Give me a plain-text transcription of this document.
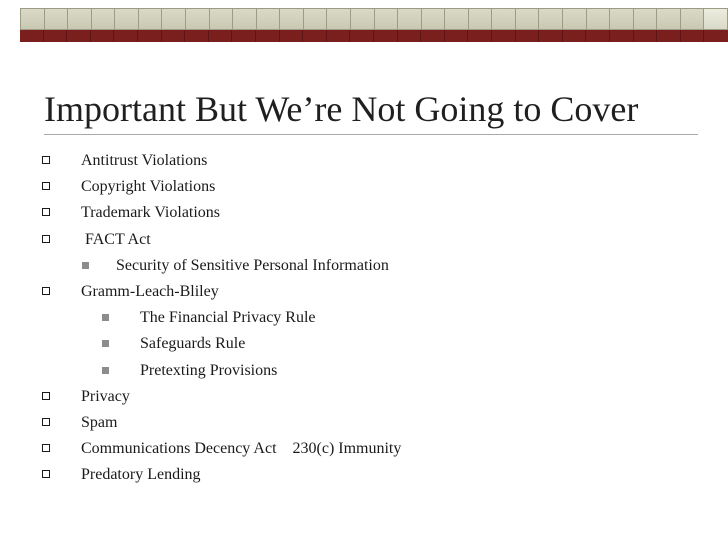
Important But We’re Not Going to Cover
Antitrust Violations
Copyright Violations
Trademark Violations
FACT Act
Security of Sensitive Personal Information
Gramm-Leach-Bliley
The Financial Privacy Rule
Safeguards Rule
Pretexting Provisions
Privacy
Spam
Communications Decency Act    230(c) Immunity
Predatory Lending
